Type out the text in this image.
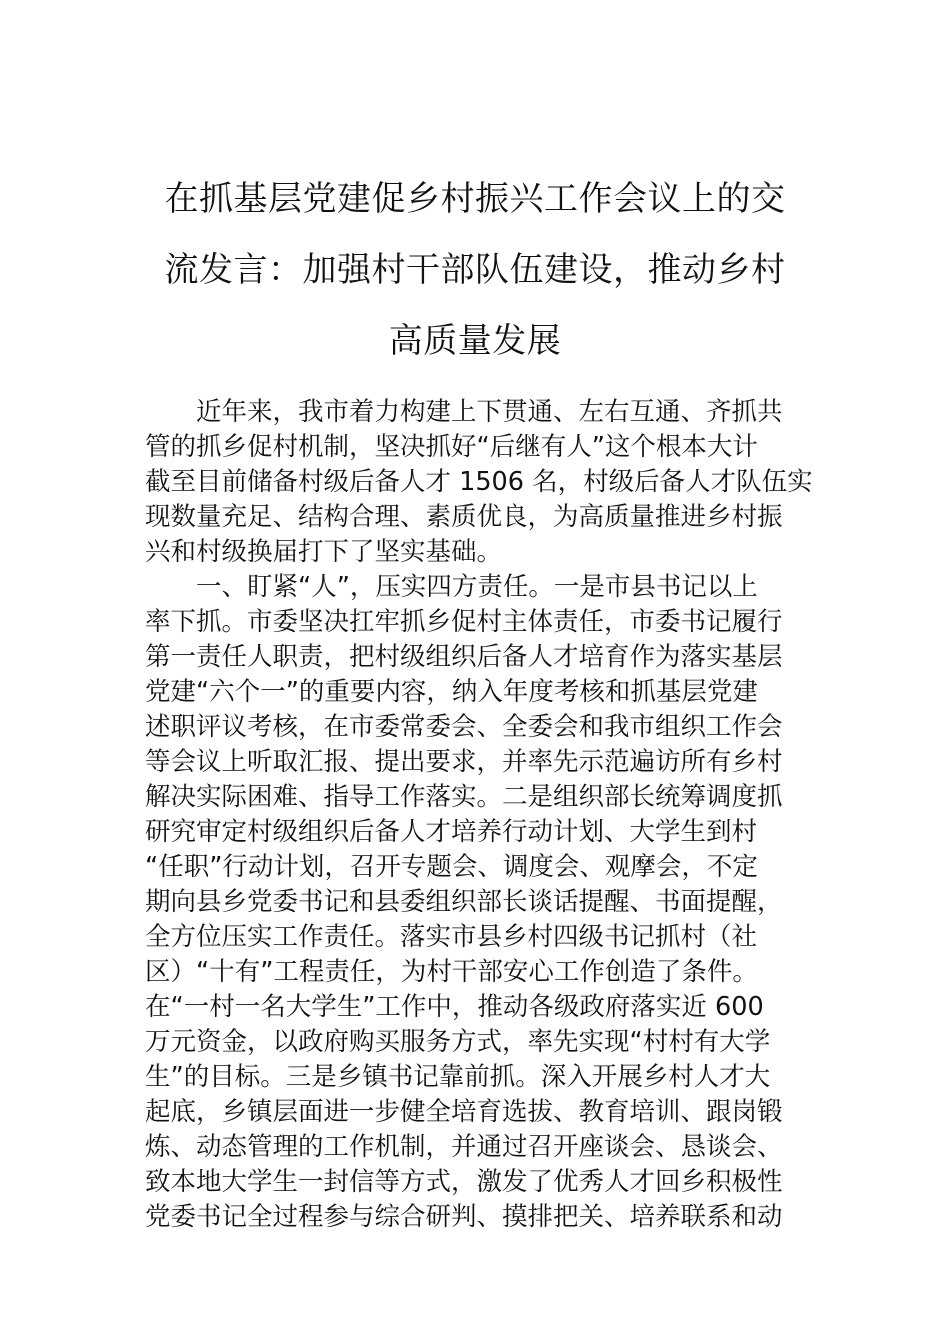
在抓基层党建促乡村振兴工作会议上的交
流发言：加强村干部队伍建设，推动乡村
高质量发展
近年来，我市着力构建上下贯通、左右互通、齐抓共
管的抓乡促村机制，坚决抓好“后继有人”这个根本大计
截至目前储备村级后备人才 1506 名，村级后备人才队伍实
现数量充足、结构合理、素质优良，为高质量推进乡村振
兴和村级换届打下了坚实基础。
一、盯紧“人”，压实四方责任。一是市县书记以上
率下抓。市委坚决扛牢抓乡促村主体责任，市委书记履行
第一责任人职责，把村级组织后备人才培育作为落实基层
党建“六个一”的重要内容，纳入年度考核和抓基层党建
述职评议考核，在市委常委会、全委会和我市组织工作会
等会议上听取汇报、提出要求，并率先示范遍访所有乡村
解决实际困难、指导工作落实。二是组织部长统筹调度抓
研究审定村级组织后备人才培养行动计划、大学生到村
“任职”行动计划，召开专题会、调度会、观摩会，不定
期向县乡党委书记和县委组织部长谈话提醒、书面提醒，
全方位压实工作责任。落实市县乡村四级书记抓村（社
区）“十有”工程责任，为村干部安心工作创造了条件。
在“一村一名大学生”工作中，推动各级政府落实近 600
万元资金，以政府购买服务方式，率先实现“村村有大学
生”的目标。三是乡镇书记靠前抓。深入开展乡村人才大
起底，乡镇层面进一步健全培育选拔、教育培训、跟岗锻
炼、动态管理的工作机制，并通过召开座谈会、恳谈会、
致本地大学生一封信等方式，激发了优秀人才回乡积极性
党委书记全过程参与综合研判、摸排把关、培养联系和动
